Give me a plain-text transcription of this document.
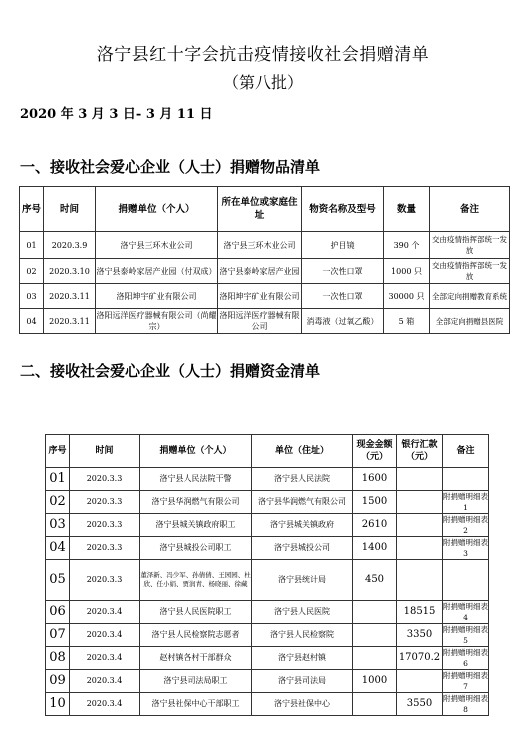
洛宁县红十字会抗击疫情接收社会捐赠清单
（第八批）
2020 年 3 月 3 日- 3 月 11 日
一、接收社会爱心企业（人士）捐赠物品清单
序号	时间	捐赠单位（个人）	所在单位或家庭住址	物资名称及型号	数量	备注
01	2020.3.9	洛宁县三环木业公司	洛宁县三环木业公司	护目镜	390 个	交由疫情指挥部统一发放
02	2020.3.10	洛宁县泰岭家居产业园（付双成）	洛宁县泰岭家居产业园	一次性口罩	1000 只	交由疫情指挥部统一发放
03	2020.3.11	洛阳坤宇矿业有限公司	洛阳坤宇矿业有限公司	一次性口罩	30000 只	全部定向捐赠教育系统
04	2020.3.11	洛阳远洋医疗器械有限公司（尚耀宗）	洛阳远洋医疗器械有限公司	消毒液（过氧乙酸）	5 箱	全部定向捐赠县医院
二、接收社会爱心企业（人士）捐赠资金清单
序号	时间	捐赠单位（个人）	单位（住址）	现金金额（元）	银行汇款（元）	备注
01	2020.3.3	洛宁县人民法院干警	洛宁县人民法院	1600		
02	2020.3.3	洛宁县华润燃气有限公司	洛宁县华润燃气有限公司	1500		附捐赠明细表 1
03	2020.3.3	洛宁县城关镇政府职工	洛宁县城关镇政府	2610		附捐赠明细表 2
04	2020.3.3	洛宁县城投公司职工	洛宁县城投公司	1400		附捐赠明细表 3
05	2020.3.3	董泽新、冯少军、孙倩倩、王园园、杜欣、任小娟、贾润青、杨晓丽、徐藏	洛宁县统计局	450		
06	2020.3.4	洛宁县人民医院职工	洛宁县人民医院		18515	附捐赠明细表 4
07	2020.3.4	洛宁县人民检察院志愿者	洛宁县人民检察院		3350	附捐赠明细表 5
08	2020.3.4	赵村镇各村干部群众	洛宁县赵村镇		17070.2	附捐赠明细表 6
09	2020.3.4	洛宁县司法局职工	洛宁县司法局	1000		附捐赠明细表 7
10	2020.3.4	洛宁县社保中心干部职工	洛宁县社保中心		3550	附捐赠明细表 8
